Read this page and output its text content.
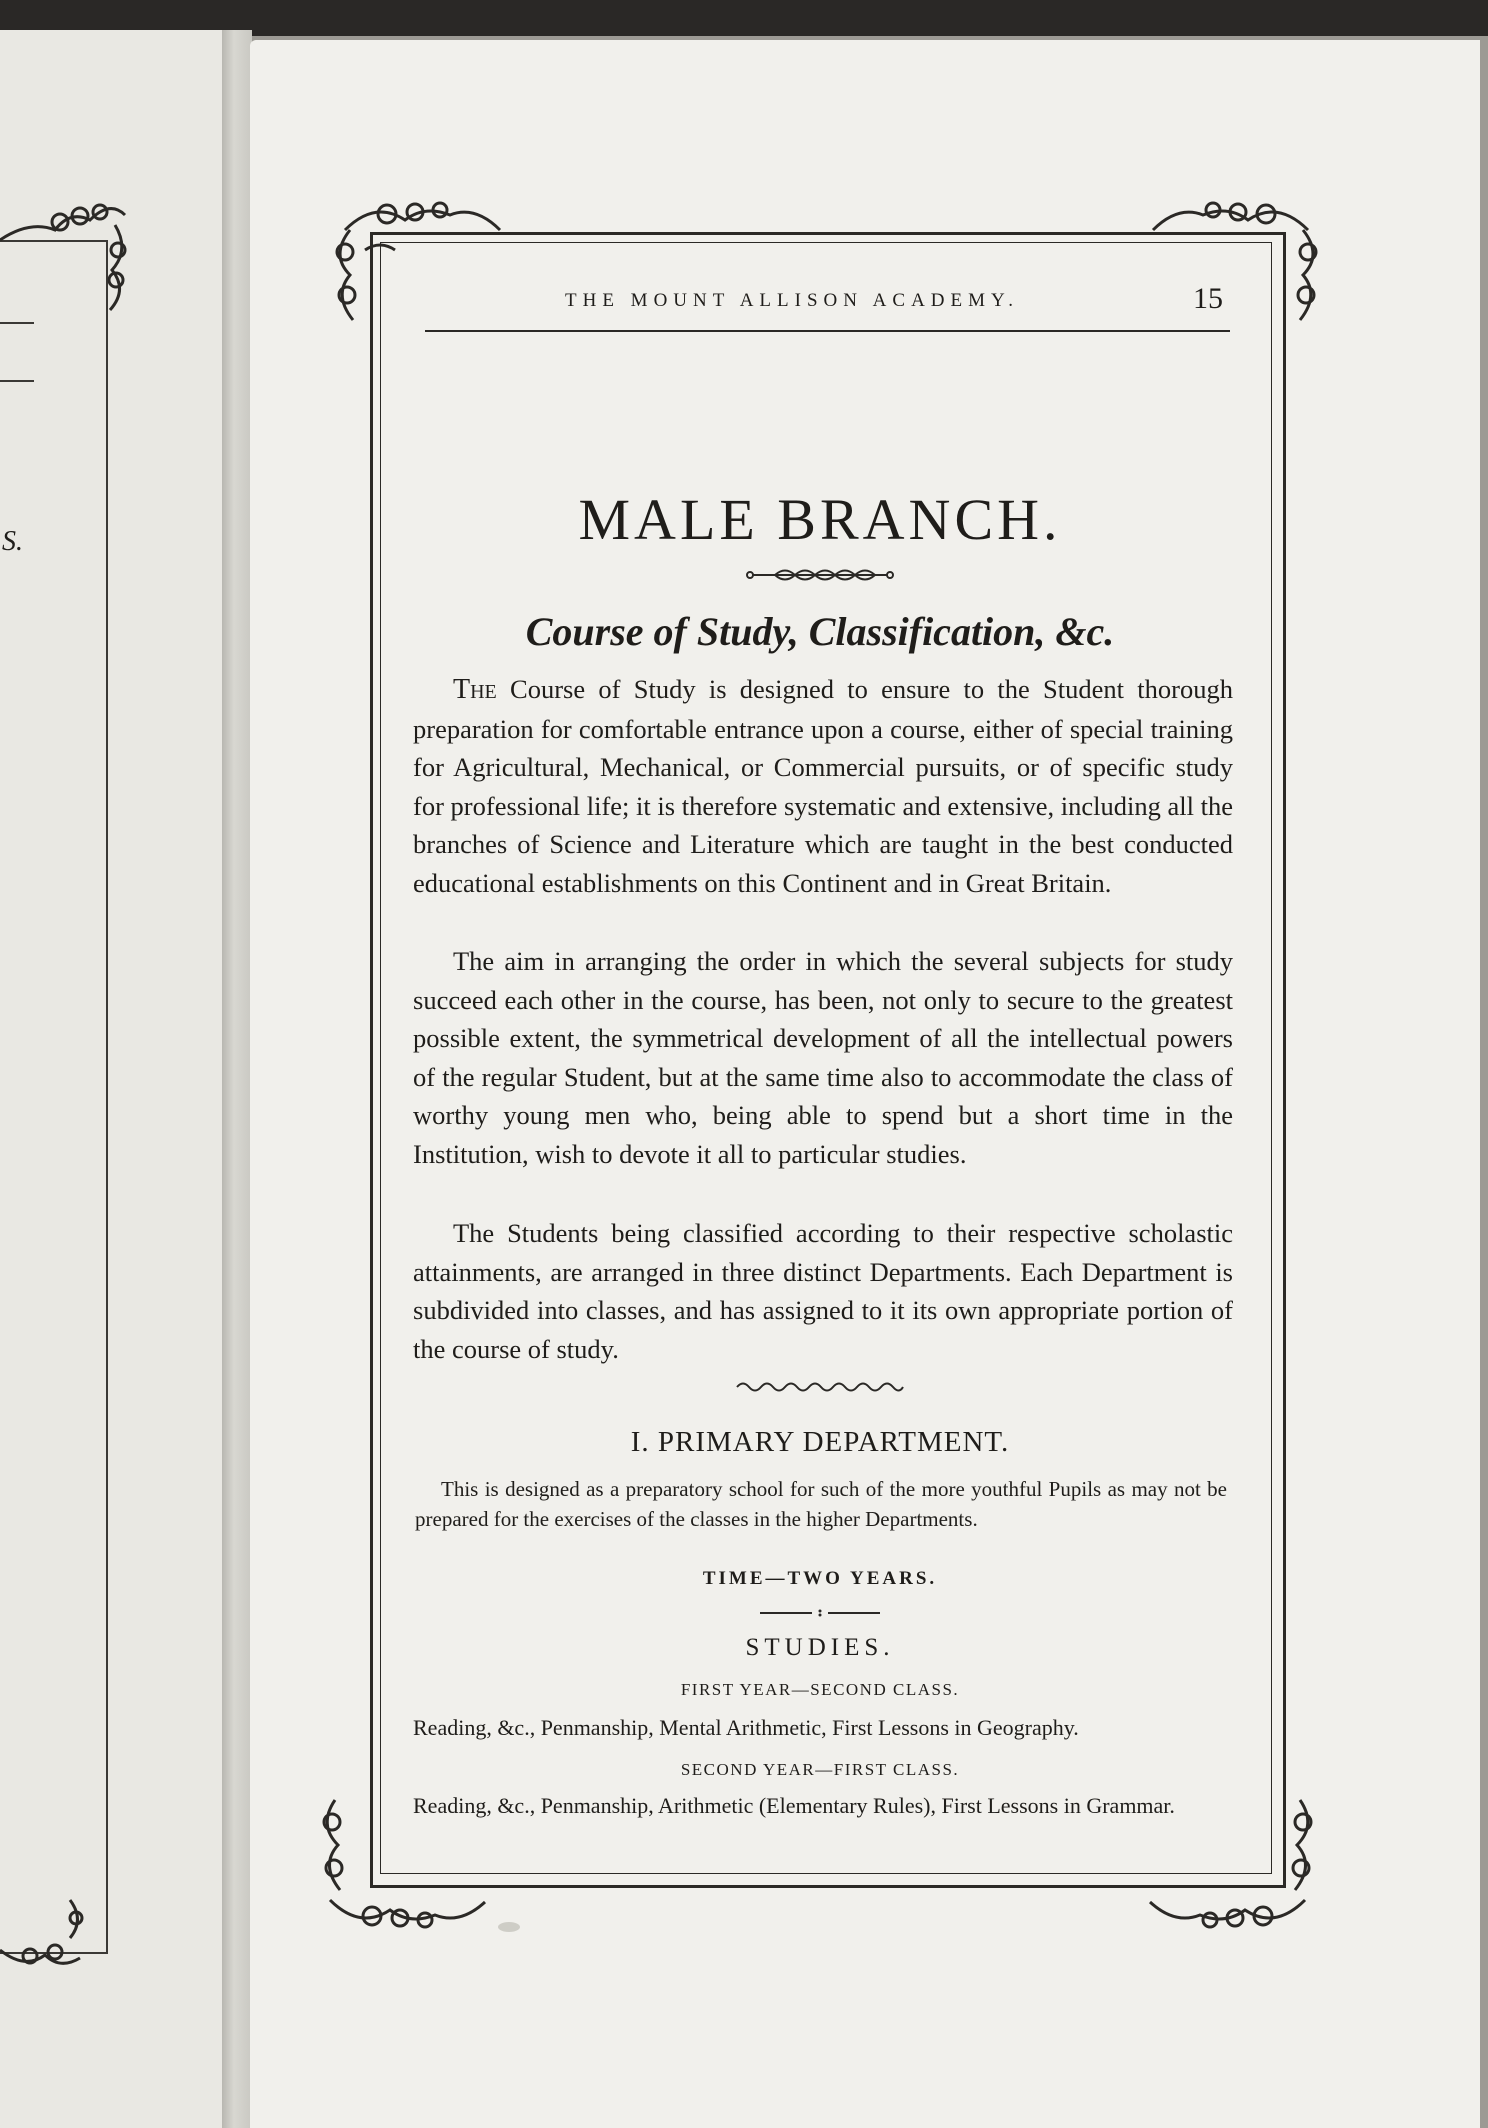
S.
THE MOUNT ALLISON ACADEMY.	15
MALE BRANCH.
Course of Study, Classification, &c.

The Course of Study is designed to ensure to the Student thorough preparation for comfortable entrance upon a course, either of special training for Agricultural, Mechanical, or Commercial pursuits, or of specific study for professional life; it is therefore systematic and extensive, including all the branches of Science and Literature which are taught in the best conducted educational establishments on this Continent and in Great Britain.

The aim in arranging the order in which the several subjects for study succeed each other in the course, has been, not only to secure to the greatest possible extent, the symmetrical development of all the intellectual powers of the regular Student, but at the same time also to accommodate the class of worthy young men who, being able to spend but a short time in the Institution, wish to devote it all to particular studies.

The Students being classified according to their respective scholastic attainments, are arranged in three distinct Departments. Each Department is subdivided into classes, and has assigned to it its own appropriate portion of the course of study.

I. PRIMARY DEPARTMENT.

This is designed as a preparatory school for such of the more youthful Pupils as may not be prepared for the exercises of the classes in the higher Departments.

TIME—TWO YEARS.
STUDIES.
FIRST YEAR—SECOND CLASS.

Reading, &c., Penmanship, Mental Arithmetic, First Lessons in Geography.

SECOND YEAR—FIRST CLASS.

Reading, &c., Penmanship, Arithmetic (Elementary Rules), First Lessons in Grammar.
